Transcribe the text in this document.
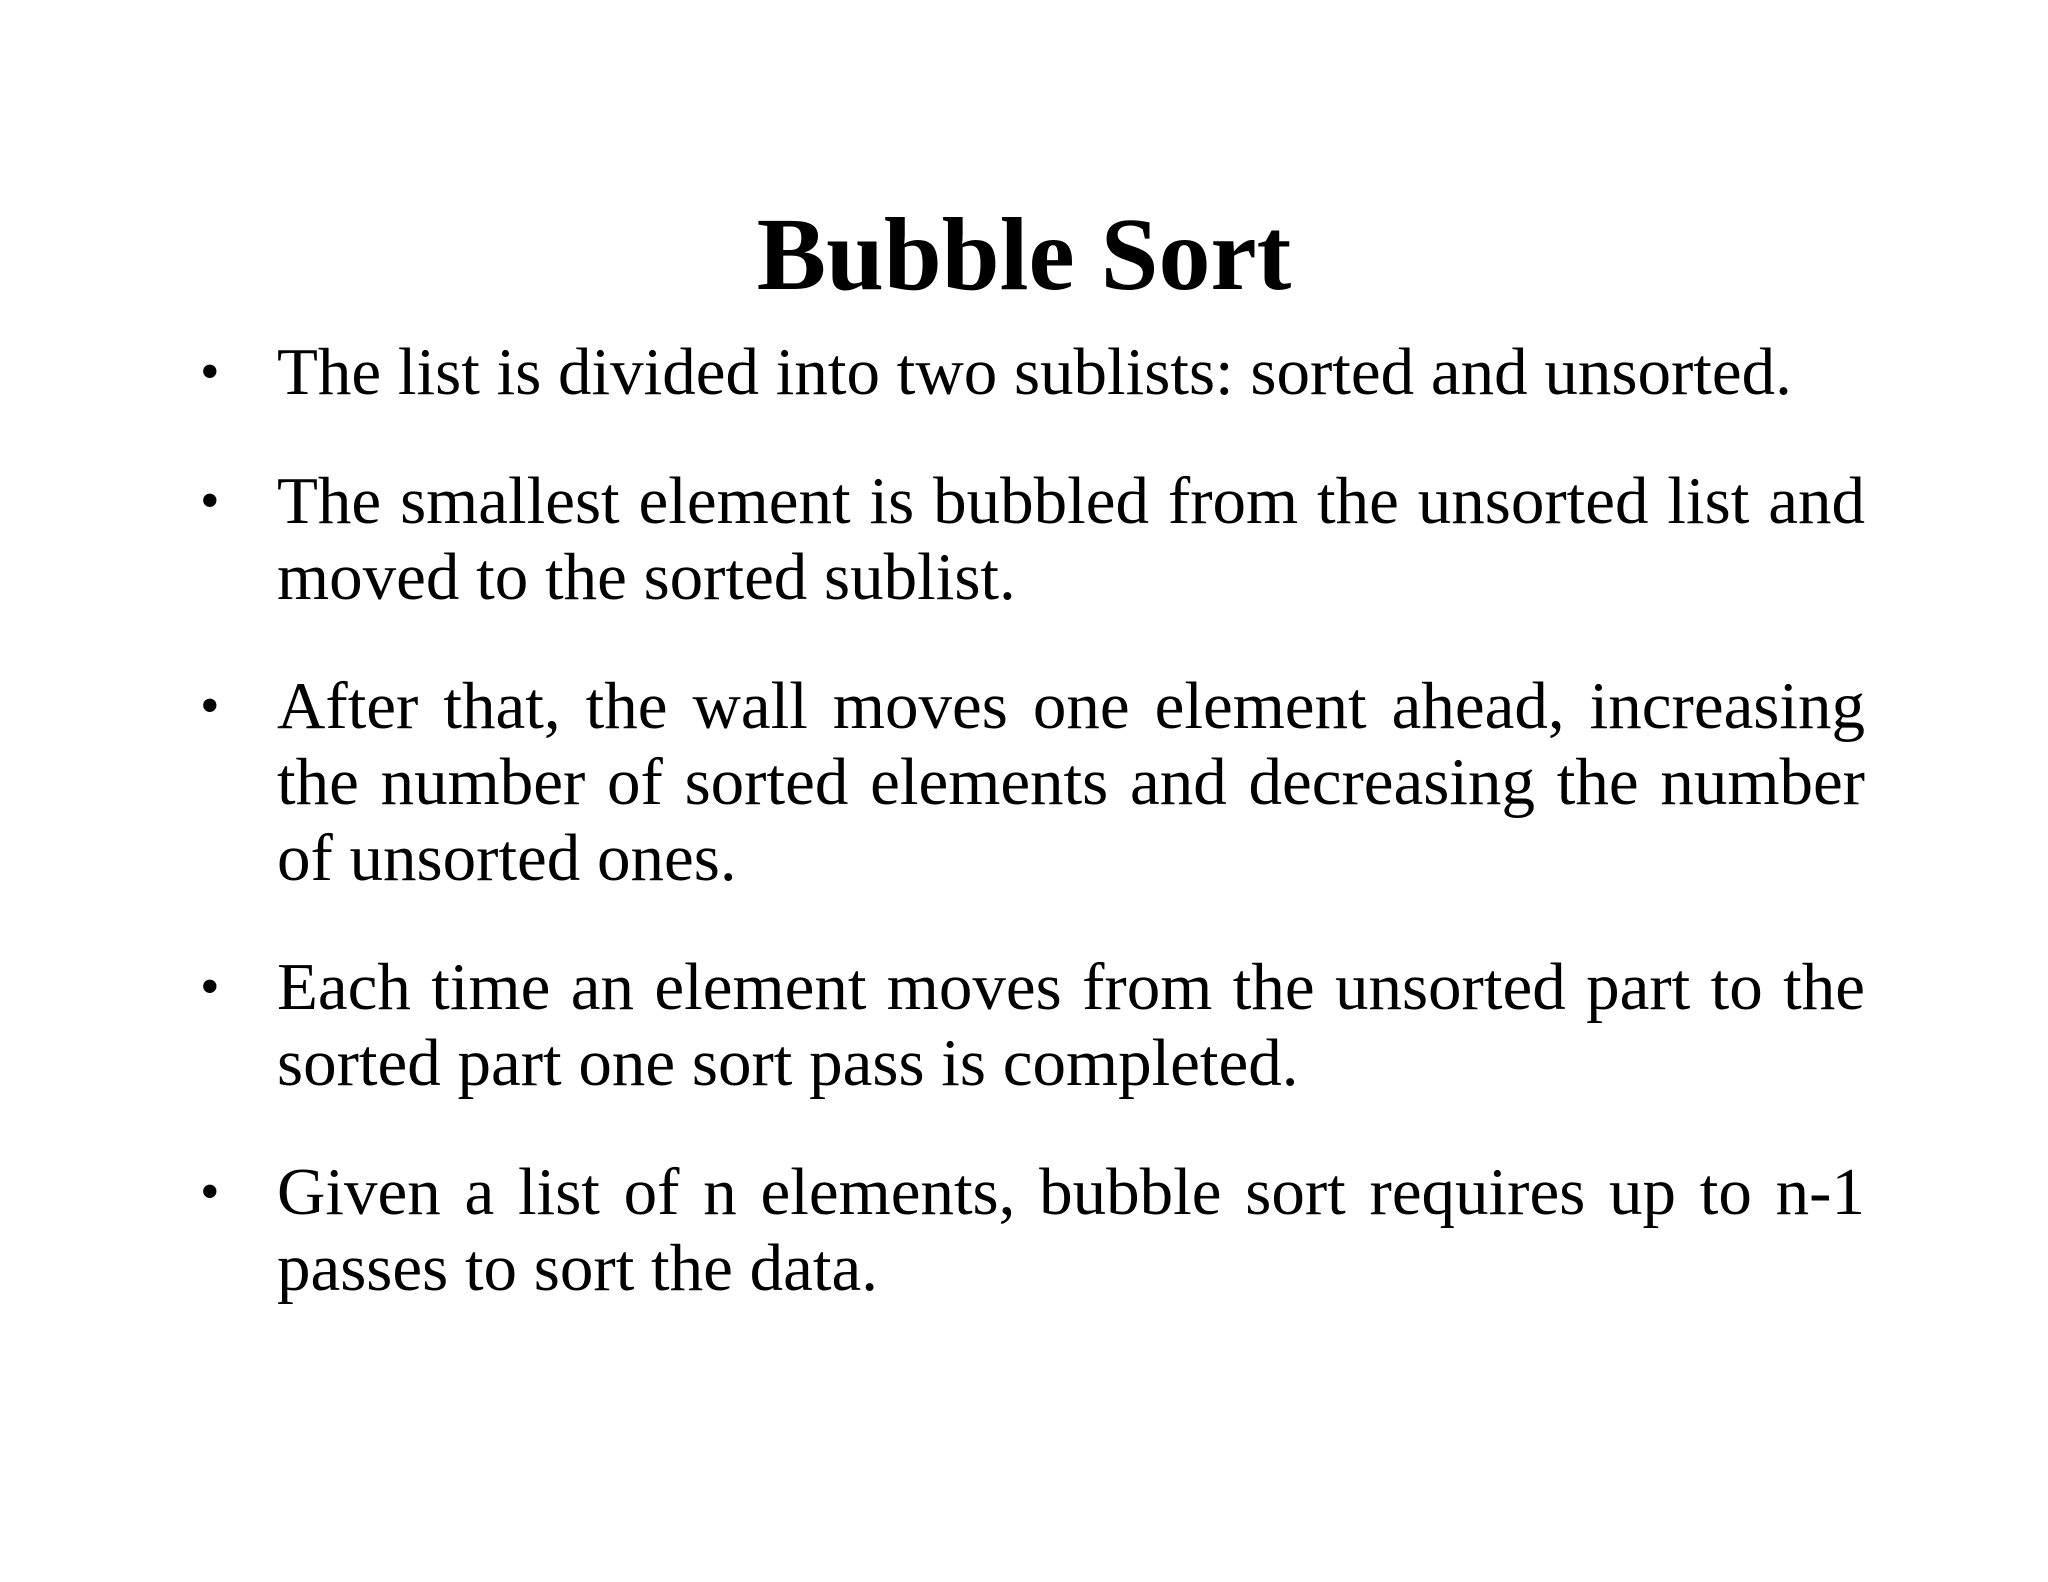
Bubble Sort
• The list is divided into two sublists: sorted and unsorted.
• The smallest element is bubbled from the unsorted list and moved to the sorted sublist.
• After that, the wall moves one element ahead, increasing the number of sorted elements and decreasing the number of unsorted ones.
• Each time an element moves from the unsorted part to the sorted part one sort pass is completed.
• Given a list of n elements, bubble sort requires up to n-1 passes to sort the data.
